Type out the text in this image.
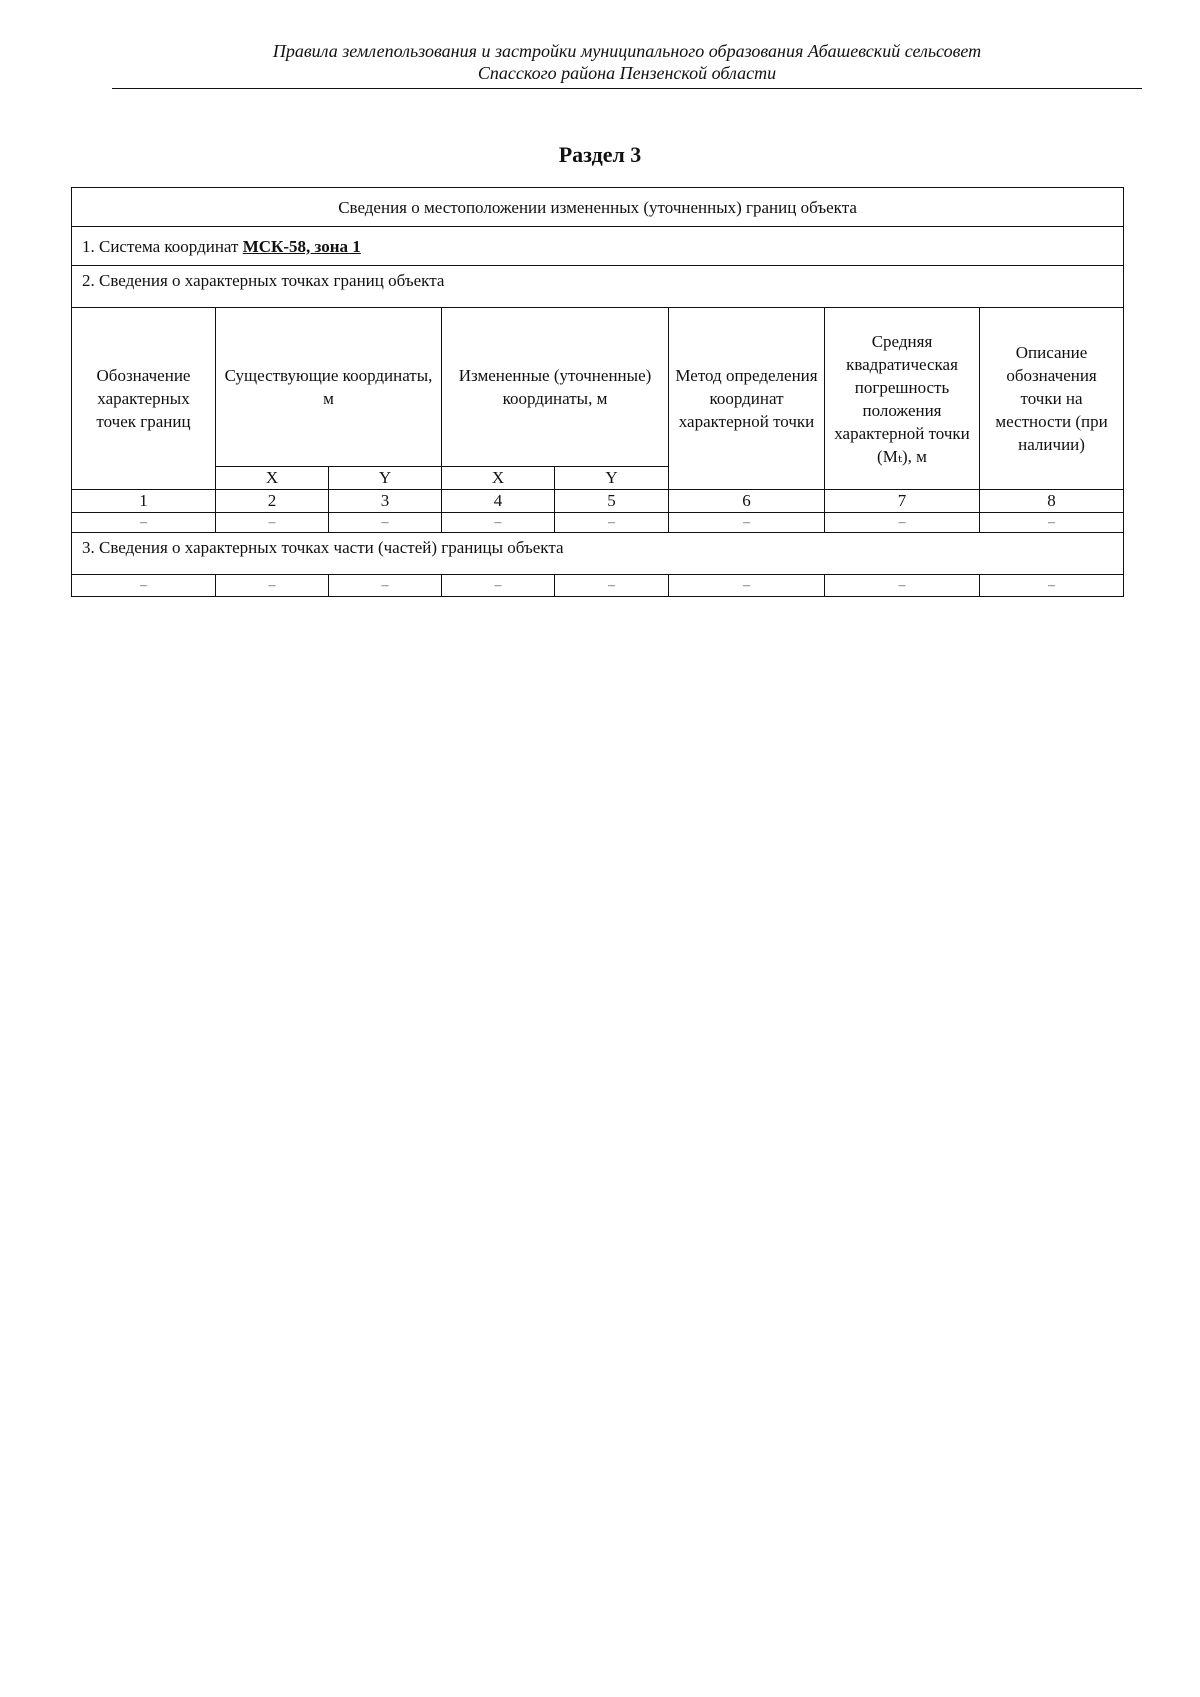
Правила землепользования и застройки муниципального образования Абашевский сельсовет
Спасского района Пензенской области
Раздел 3
Сведения о местоположении измененных (уточненных) границ объекта							
1. Система координат МСК-58, зона 1							
2. Сведения о характерных точках границ объекта							
Обозначение характерных точек границ	Существующие координаты, м		Измененные (уточненные) координаты, м		Метод определения координат характерной точки	Средняя квадратическая погрешность положения характерной точки (Mₜ), м	Описание обозначения точки на местности (при наличии)
	X	Y	X	Y			
1	2	3	4	5	6	7	8
–	–	–	–	–	–	–	–
3. Сведения о характерных точках части (частей) границы объекта							
–	–	–	–	–	–	–	–
